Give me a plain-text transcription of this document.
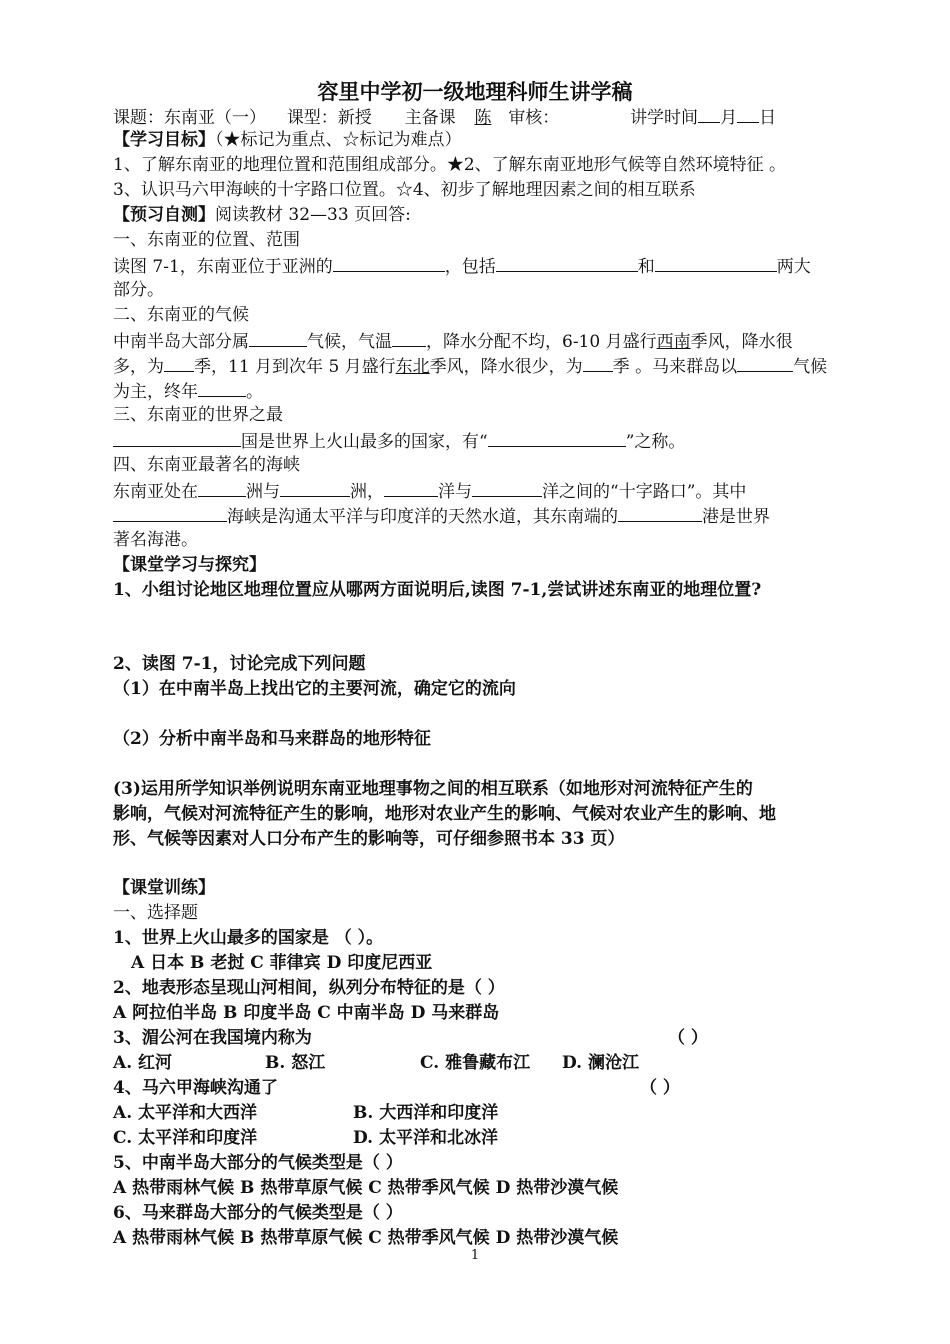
容里中学初一级地理科师生讲学稿
课题：东南亚（一） 课型：新授 主备课 陈 审核：	讲学时间 月 日
【学习目标】（★标记为重点、☆标记为难点）
1、了解东南亚的地理位置和范围组成部分。★2、了解东南亚地形气候等自然环境特征 。
3、认识马六甲海峡的十字路口位置。☆4、初步了解地理因素之间的相互联系
【预习自测】阅读教材 32—33 页回答:
一、东南亚的位置、范围
读图 7-1，东南亚位于亚洲的	，包括	和	两大
部分。
二、东南亚的气候
中南半岛大部分属	气候，气温 ，降水分配不均，6-10 月盛行西南季风，降水很
多，为 季，11 月到次年 5 月盛行东北季风，降水很少，为 季 。马来群岛以	气候
为主，终年	。
三、东南亚的世界之最
国是世界上火山最多的国家，有“	”之称。
四、东南亚最著名的海峡
东南亚处在	洲与	洲，	洋与	洋之间的“十字路口”。其中
海峡是沟通太平洋与印度洋的天然水道，其东南端的	港是世界
著名海港。
【课堂学习与探究】
1、小组讨论地区地理位置应从哪两方面说明后,读图 7-1,尝试讲述东南亚的地理位置?
2、读图 7-1，讨论完成下列问题
（1）在中南半岛上找出它的主要河流，确定它的流向
（2）分析中南半岛和马来群岛的地形特征
(3)运用所学知识举例说明东南亚地理事物之间的相互联系（如地形对河流特征产生的
影响，气候对河流特征产生的影响，地形对农业产生的影响、气候对农业产生的影响、地
形、气候等因素对人口分布产生的影响等，可仔细参照书本 33 页）
【课堂训练】
一、选择题
1、世界上火山最多的国家是 （ ）。
A 日本 B 老挝 C 菲律宾 D 印度尼西亚
2、地表形态呈现山河相间，纵列分布特征的是（ ）
A 阿拉伯半岛 B 印度半岛 C 中南半岛 D 马来群岛
3、湄公河在我国境内称为	（ ）
A. 红河	B. 怒江	C. 雅鲁藏布江 D. 澜沧江
4、马六甲海峡沟通了	（ ）
A. 太平洋和大西洋	B. 大西洋和印度洋
C. 太平洋和印度洋	D. 太平洋和北冰洋
5、中南半岛大部分的气候类型是（ ）
A 热带雨林气候 B 热带草原气候 C 热带季风气候 D 热带沙漠气候
6、马来群岛大部分的气候类型是（ ）
A 热带雨林气候 B 热带草原气候 C 热带季风气候 D 热带沙漠气候
1
